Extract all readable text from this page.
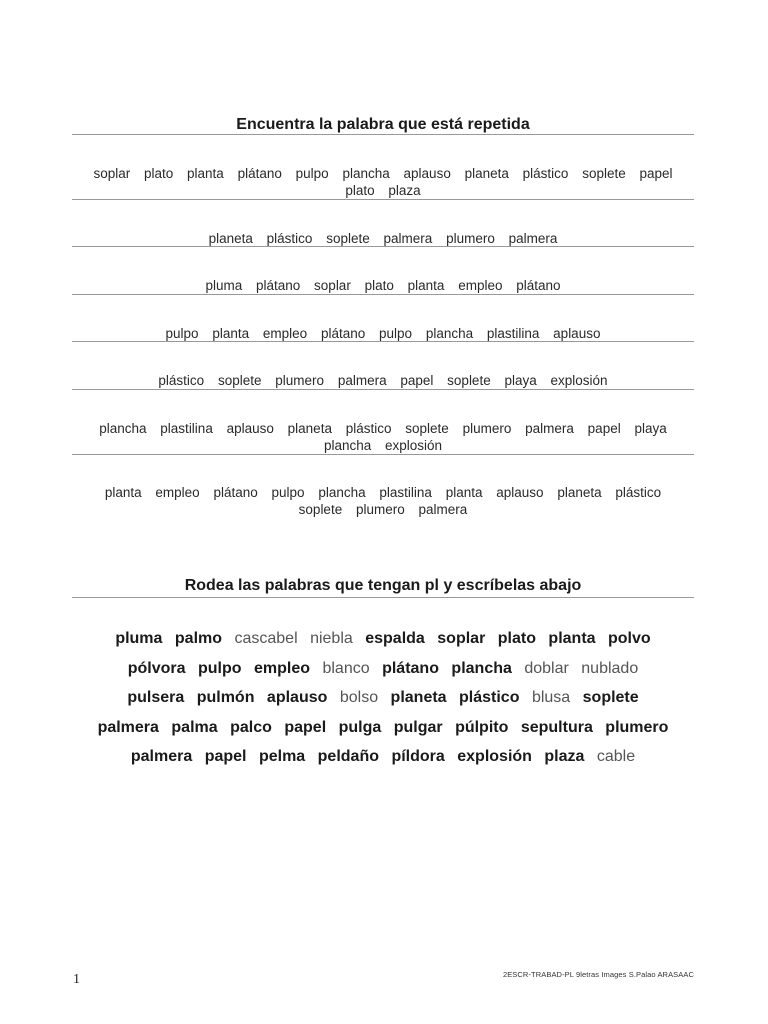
Encuentra la palabra que está repetida
soplar plato planta plátano pulpo plancha aplauso planeta plástico soplete papel plato plaza
planeta plástico soplete palmera plumero palmera
pluma plátano soplar plato planta empleo plátano
pulpo planta empleo plátano pulpo plancha plastilina aplauso
plástico soplete plumero palmera papel soplete playa explosión
plancha plastilina aplauso planeta plástico soplete plumero palmera papel playa plancha explosión
planta empleo plátano pulpo plancha plastilina planta aplauso planeta plástico soplete plumero palmera
Rodea las palabras que tengan pl y escríbelas abajo
pluma palmo cascabel niebla espalda soplar plato planta polvo
pólvora pulpo empleo blanco plátano plancha doblar nublado
pulsera pulmón aplauso bolso planeta plástico blusa soplete
palmera palma palco papel pulga pulgar púlpito sepultura plumero
palmera papel pelma peldaño píldora explosión plaza cable
1	2ESCR-TRABAD-PL 9letras Images S.Palao ARASAAC
